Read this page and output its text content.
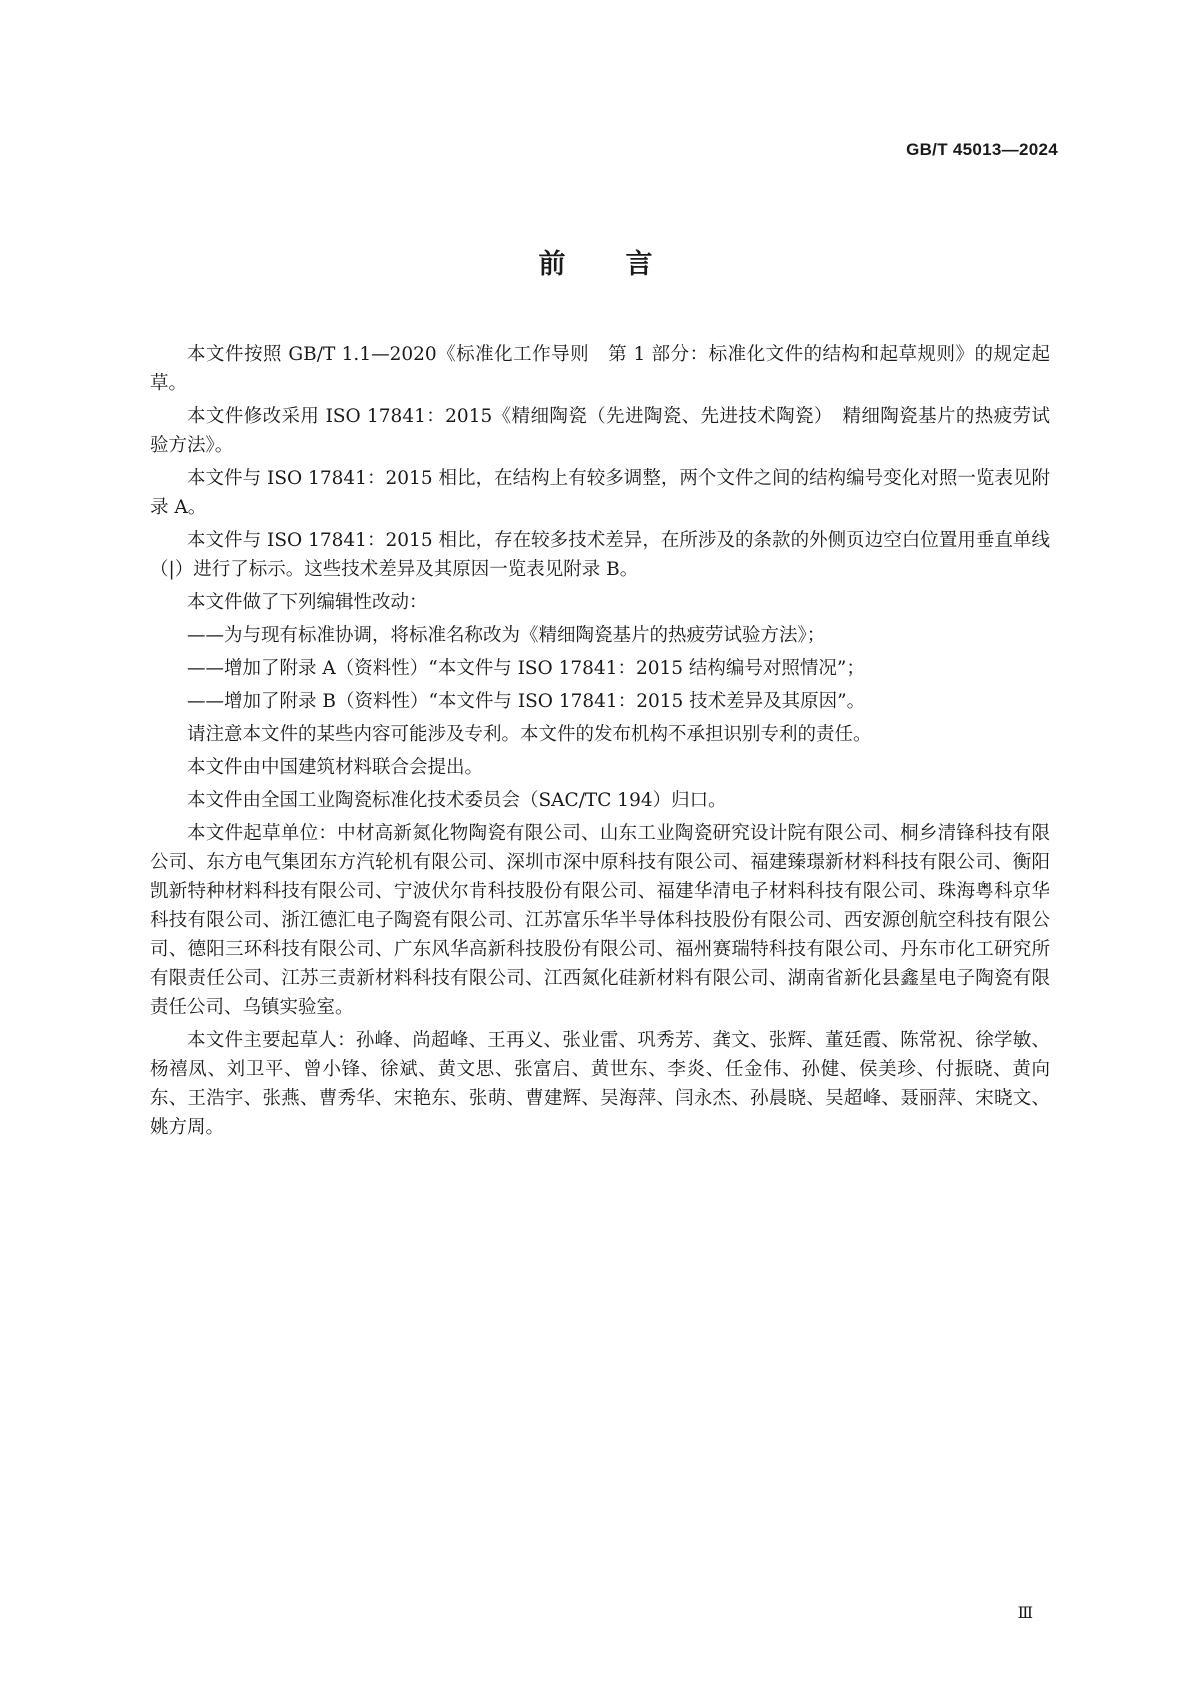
GB/T 45013—2024
前言

本文件按照 GB/T 1.1—2020《标准化工作导则　第 1 部分：标准化文件的结构和起草规则》的规定起草。

本文件修改采用 ISO 17841：2015《精细陶瓷（先进陶瓷、先进技术陶瓷）　精细陶瓷基片的热疲劳试验方法》。

本文件与 ISO 17841：2015 相比，在结构上有较多调整，两个文件之间的结构编号变化对照一览表见附录 A。

本文件与 ISO 17841：2015 相比，存在较多技术差异，在所涉及的条款的外侧页边空白位置用垂直单线（|）进行了标示。这些技术差异及其原因一览表见附录 B。

本文件做了下列编辑性改动：

——为与现有标准协调，将标准名称改为《精细陶瓷基片的热疲劳试验方法》；

——增加了附录 A（资料性）“本文件与 ISO 17841：2015 结构编号对照情况”；

——增加了附录 B（资料性）“本文件与 ISO 17841：2015 技术差异及其原因”。

请注意本文件的某些内容可能涉及专利。本文件的发布机构不承担识别专利的责任。

本文件由中国建筑材料联合会提出。

本文件由全国工业陶瓷标准化技术委员会（SAC/TC 194）归口。

本文件起草单位：中材高新氮化物陶瓷有限公司、山东工业陶瓷研究设计院有限公司、桐乡清锋科技有限公司、东方电气集团东方汽轮机有限公司、深圳市深中原科技有限公司、福建臻璟新材料科技有限公司、衡阳凯新特种材料科技有限公司、宁波伏尔肯科技股份有限公司、福建华清电子材料科技有限公司、珠海粤科京华科技有限公司、浙江德汇电子陶瓷有限公司、江苏富乐华半导体科技股份有限公司、西安源创航空科技有限公司、德阳三环科技有限公司、广东风华高新科技股份有限公司、福州赛瑞特科技有限公司、丹东市化工研究所有限责任公司、江苏三责新材料科技有限公司、江西氮化硅新材料有限公司、湖南省新化县鑫星电子陶瓷有限责任公司、乌镇实验室。

本文件主要起草人：孙峰、尚超峰、王再义、张业雷、巩秀芳、龚文、张辉、董廷霞、陈常祝、徐学敏、杨禧凤、刘卫平、曾小锋、徐斌、黄文思、张富启、黄世东、李炎、任金伟、孙健、侯美珍、付振晓、黄向东、王浩宇、张燕、曹秀华、宋艳东、张萌、曹建辉、吴海萍、闫永杰、孙晨晓、吴超峰、聂丽萍、宋晓文、姚方周。

Ⅲ
